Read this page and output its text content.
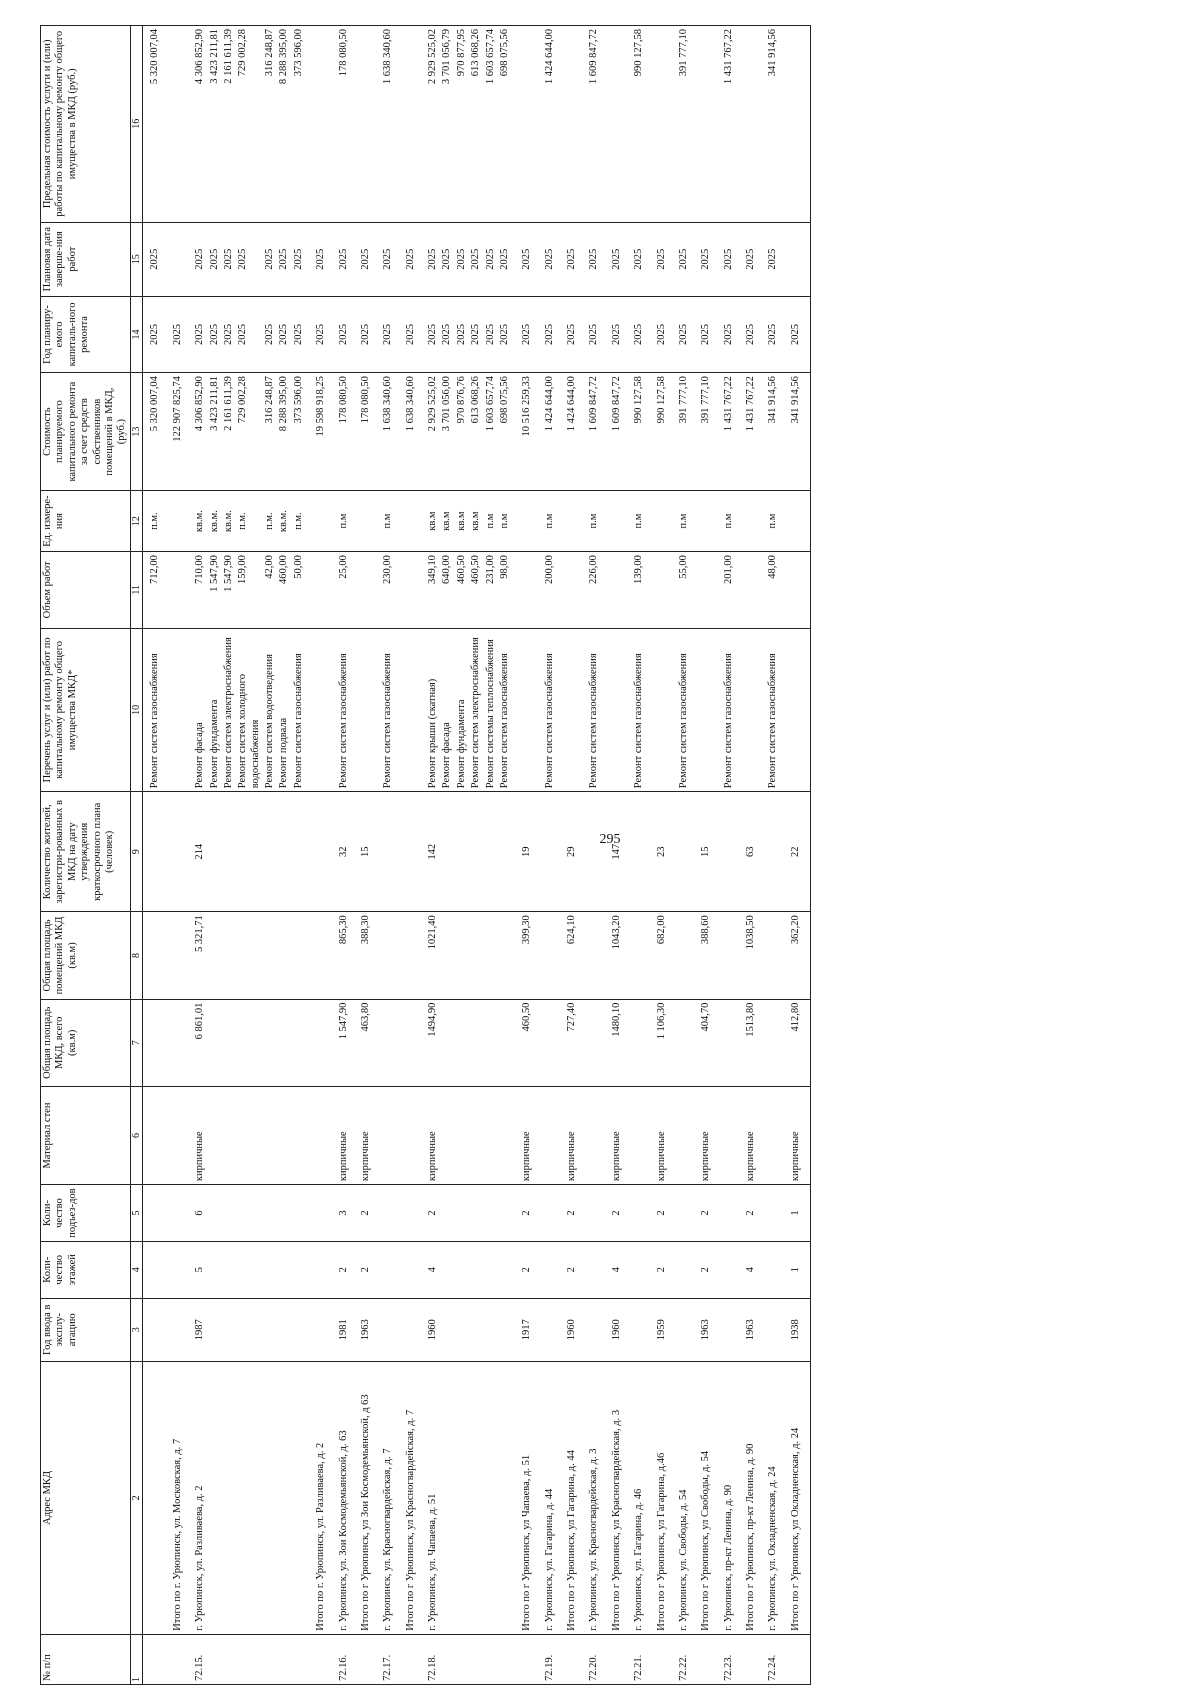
295
№ п/п	Адрес МКД	Год ввода в эксплу-атацию	Коли-чество этажей	Коли-чество подъез-дов	Материал стен	Общая площадь МКД, всего (кв.м)	Общая площадь помещений МКД (кв.м)	Количество жителей, зарегистри-рованных в МКД на дату утверждения краткосрочного плана (человек)	Перечень услуг и (или) работ по капитальному ремонту общего имущества МКД*	Объем работ	Ед. измере-ния	Стоимость планируемого капитального ремонта за счет средств собственников помещений в МКД, (руб.)	Год планиру-емого капиталь-ного ремонта	Плановая дата заверше-ния работ	Предельная стоимость услуги и (или) работы по капитальному ремонту общего имущества в МКД (руб.)
1	2	3	4	5	6	7	8	9	10	11	12	13	14	15	16
									Ремонт систем газоснабжения	712,00	п.м.	5 320 007,04	2025	2025	5 320 007,04
	Итого по г. Урюпинск, ул. Московская, д. 7											122 907 825,74	2025		
72.15.	г. Урюпинск, ул. Разливаева, д. 2	1987	5	6	кирпичные	6 861,01	5 321,71	214	Ремонт фасада	710,00	кв.м.	4 306 852,90	2025	2025	4 306 852,90
									Ремонт фундамента	1 547,90	кв.м.	3 423 211,81	2025	2025	3 423 211,81
									Ремонт систем электроснабжения	1 547,90	кв.м.	2 161 611,39	2025	2025	2 161 611,39
									Ремонт систем холодного водоснабжения	159,00	п.м.	729 002,28	2025	2025	729 002,28
									Ремонт систем водоотведения	42,00	п.м.	316 248,87	2025	2025	316 248,87
									Ремонт подвала	460,00	кв.м.	8 288 395,00	2025	2025	8 288 395,00
									Ремонт систем газоснабжения	50,00	п.м.	373 596,00	2025	2025	373 596,00
	Итого по г. Урюпинск, ул. Разливаева, д. 2											19 598 918,25	2025	2025	
72.16.	г. Урюпинск, ул. Зои Космодемьянской, д. 63	1981	2	3	кирпичные	1 547,90	865,30	32	Ремонт систем газоснабжения	25,00	п.м	178 080,50	2025	2025	178 080,50
	Итого по г Урюпинск, ул Зои Космодемьянской, д 63	1963	2	2	кирпичные	463,80	388,30	15				178 080,50	2025	2025	
72.17.	г. Урюпинск, ул. Красногвардейская, д. 7								Ремонт систем газоснабжения	230,00	п.м	1 638 340,60	2025	2025	1 638 340,60
	Итого по г Урюпинск, ул Красногвардейская, д. 7											1 638 340,60	2025	2025	
72.18.	г. Урюпинск, ул. Чапаева, д. 51	1960	4	2	кирпичные	1494,90	1021,40	142	Ремонт крыши (скатная)	349,10	кв.м	2 929 525,02	2025	2025	2 929 525,02
									Ремонт фасада	640,00	кв.м	3 701 056,00	2025	2025	3 701 056,79
									Ремонт фундамента	460,50	кв.м	970 876,76	2025	2025	970 877,95
									Ремонт систем электроснабжения	460,50	кв.м	613 068,26	2025	2025	613 068,26
									Ремонт системы теплоснабжения	231,00	п.м	1 603 657,74	2025	2025	1 603 657,74
									Ремонт систем газоснабжения	98,00	п.м	698 075,56	2025	2025	698 075,56
	Итого по г Урюпинск, ул Чапаева, д. 51	1917	2	2	кирпичные	460,50	399,30	19				10 516 259,33	2025	2025	
72.19.	г. Урюпинск, ул. Гагарина, д. 44								Ремонт систем газоснабжения	200,00	п.м	1 424 644,00	2025	2025	1 424 644,00
	Итого по г Урюпинск, ул Гагарина, д. 44	1960	2	2	кирпичные	727,40	624,10	29				1 424 644,00	2025	2025	
72.20.	г. Урюпинск, ул. Красногвардейская, д. 3								Ремонт систем газоснабжения	226,00	п.м	1 609 847,72	2025	2025	1 609 847,72
	Итого по г Урюпинск, ул Красногвардейская, д. 3	1960	4	2	кирпичные	1480,10	1043,20	147				1 609 847,72	2025	2025	
72.21.	г. Урюпинск, ул. Гагарина, д. 46								Ремонт систем газоснабжения	139,00	п.м	990 127,58	2025	2025	990 127,58
	Итого по г Урюпинск, ул Гагарина, д.46	1959	2	2	кирпичные	1 106,30	682,00	23				990 127,58	2025	2025	
72.22.	г. Урюпинск, ул. Свободы, д. 54								Ремонт систем газоснабжения	55,00	п.м	391 777,10	2025	2025	391 777,10
	Итого по г Урюпинск, ул Свободы, д. 54	1963	2	2	кирпичные	404,70	388,60	15				391 777,10	2025	2025	
72.23.	г. Урюпинск, пр-кт Ленина, д. 90								Ремонт систем газоснабжения	201,00	п.м	1 431 767,22	2025	2025	1 431 767,22
	Итого по г Урюпинск, пр-кт Ленина, д. 90	1963	4	2	кирпичные	1513,80	1038,50	63				1 431 767,22	2025	2025	
72.24.	г. Урюпинск, ул. Окладненская, д. 24								Ремонт систем газоснабжения	48,00	п.м	341 914,56	2025	2025	341 914,56
	Итого по г Урюпинск, ул Окладненская, д. 24	1938	1	1	кирпичные	412,80	362,20	22				341 914,56	2025		
